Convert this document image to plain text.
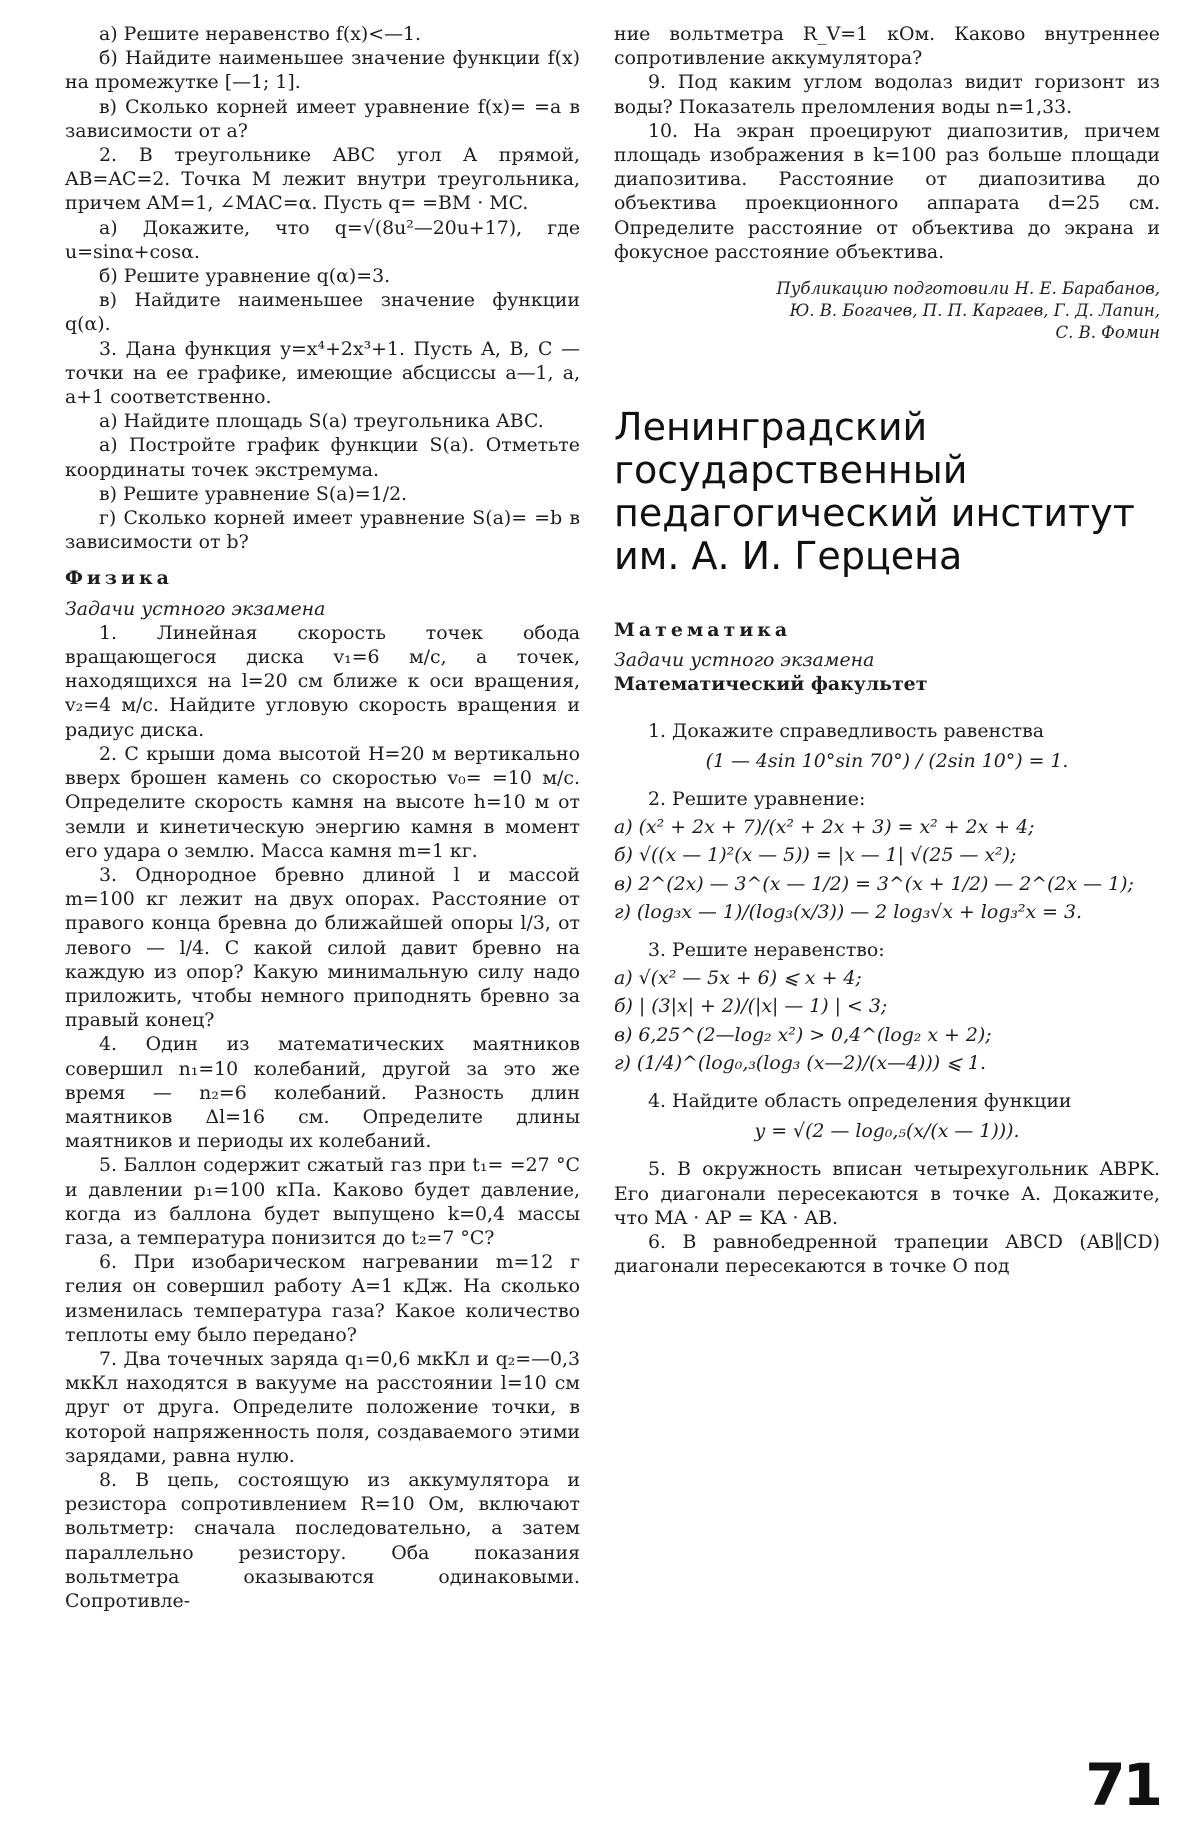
а) Решите неравенство f(x)<—1.

б) Найдите наименьшее значение функции f(x) на промежутке [—1; 1].

в) Сколько корней имеет уравнение f(x)= =a в зависимости от a?

2. В треугольнике ABC угол A прямой, AB=AC=2. Точка M лежит внутри треугольника, причем AM=1, ∠MAC=α. Пусть q= =BM · MC.

а) Докажите, что q=√(8u²—20u+17), где u=sinα+cosα.

б) Решите уравнение q(α)=3.

в) Найдите наименьшее значение функции q(α).

3. Дана функция y=x⁴+2x³+1. Пусть A, B, C — точки на ее графике, имеющие абсциссы a—1, a, a+1 соответственно.

а) Найдите площадь S(a) треугольника ABC.

а) Постройте график функции S(a). Отметьте координаты точек экстремума.

в) Решите уравнение S(a)=1/2.

г) Сколько корней имеет уравнение S(a)= =b в зависимости от b?

Физика

Задачи устного экзамена

1. Линейная скорость точек обода вращающегося диска v₁=6 м/с, а точек, находящихся на l=20 см ближе к оси вращения, v₂=4 м/с. Найдите угловую скорость вращения и радиус диска.

2. С крыши дома высотой H=20 м вертикально вверх брошен камень со скоростью v₀= =10 м/с. Определите скорость камня на высоте h=10 м от земли и кинетическую энергию камня в момент его удара о землю. Масса камня m=1 кг.

3. Однородное бревно длиной l и массой m=100 кг лежит на двух опорах. Расстояние от правого конца бревна до ближайшей опоры l/3, от левого — l/4. С какой силой давит бревно на каждую из опор? Какую минимальную силу надо приложить, чтобы немного приподнять бревно за правый конец?

4. Один из математических маятников совершил n₁=10 колебаний, другой за это же время — n₂=6 колебаний. Разность длин маятников Δl=16 см. Определите длины маятников и периоды их колебаний.

5. Баллон содержит сжатый газ при t₁= =27 °C и давлении p₁=100 кПа. Каково будет давление, когда из баллона будет выпущено k=0,4 массы газа, а температура понизится до t₂=7 °C?

6. При изобарическом нагревании m=12 г гелия он совершил работу A=1 кДж. На сколько изменилась температура газа? Какое количество теплоты ему было передано?

7. Два точечных заряда q₁=0,6 мкКл и q₂=—0,3 мкКл находятся в вакууме на расстоянии l=10 см друг от друга. Определите положение точки, в которой напряженность поля, создаваемого этими зарядами, равна нулю.

8. В цепь, состоящую из аккумулятора и резистора сопротивлением R=10 Ом, включают вольтметр: сначала последовательно, а затем параллельно резистору. Оба показания вольтметра оказываются одинаковыми. Сопротивле-

ние вольтметра R_V=1 кОм. Каково внутреннее сопротивление аккумулятора?

9. Под каким углом водолаз видит горизонт из воды? Показатель преломления воды n=1,33.

10. На экран проецируют диапозитив, причем площадь изображения в k=100 раз больше площади диапозитива. Расстояние от диапозитива до объектива проекционного аппарата d=25 см. Определите расстояние от объектива до экрана и фокусное расстояние объектива.

Публикацию подготовили Н. Е. Барабанов,
Ю. В. Богачев, П. П. Каргаев, Г. Д. Лапин,
С. В. Фомин
Ленинградский
государственный
педагогический институт
им. А. И. Герцена

Математика

Задачи устного экзамена

Математический факультет

1. Докажите справедливость равенства

(1 — 4sin 10°sin 70°) / (2sin 10°) = 1.

2. Решите уравнение:

а) (x² + 2x + 7)/(x² + 2x + 3) = x² + 2x + 4;

б) √((x — 1)²(x — 5)) = |x — 1| √(25 — x²);

в) 2^(2x) — 3^(x — 1/2) = 3^(x + 1/2) — 2^(2x — 1);

г) (log₃x — 1)/(log₃(x/3)) — 2 log₃√x + log₃²x = 3.

3. Решите неравенство:

а) √(x² — 5x + 6) ⩽ x + 4;

б) | (3|x| + 2)/(|x| — 1) | < 3;

в) 6,25^(2—log₂ x²) > 0,4^(log₂ x + 2);

г) (1/4)^(log₀,₃(log₃ (x—2)/(x—4))) ⩽ 1.

4. Найдите область определения функции

y = √(2 — log₀,₅(x/(x — 1))).

5. В окружность вписан четырехугольник ABPK. Его диагонали пересекаются в точке A. Докажите, что MA · AP = KA · AB.

6. В равнобедренной трапеции ABCD (AB∥CD) диагонали пересекаются в точке O под

71
